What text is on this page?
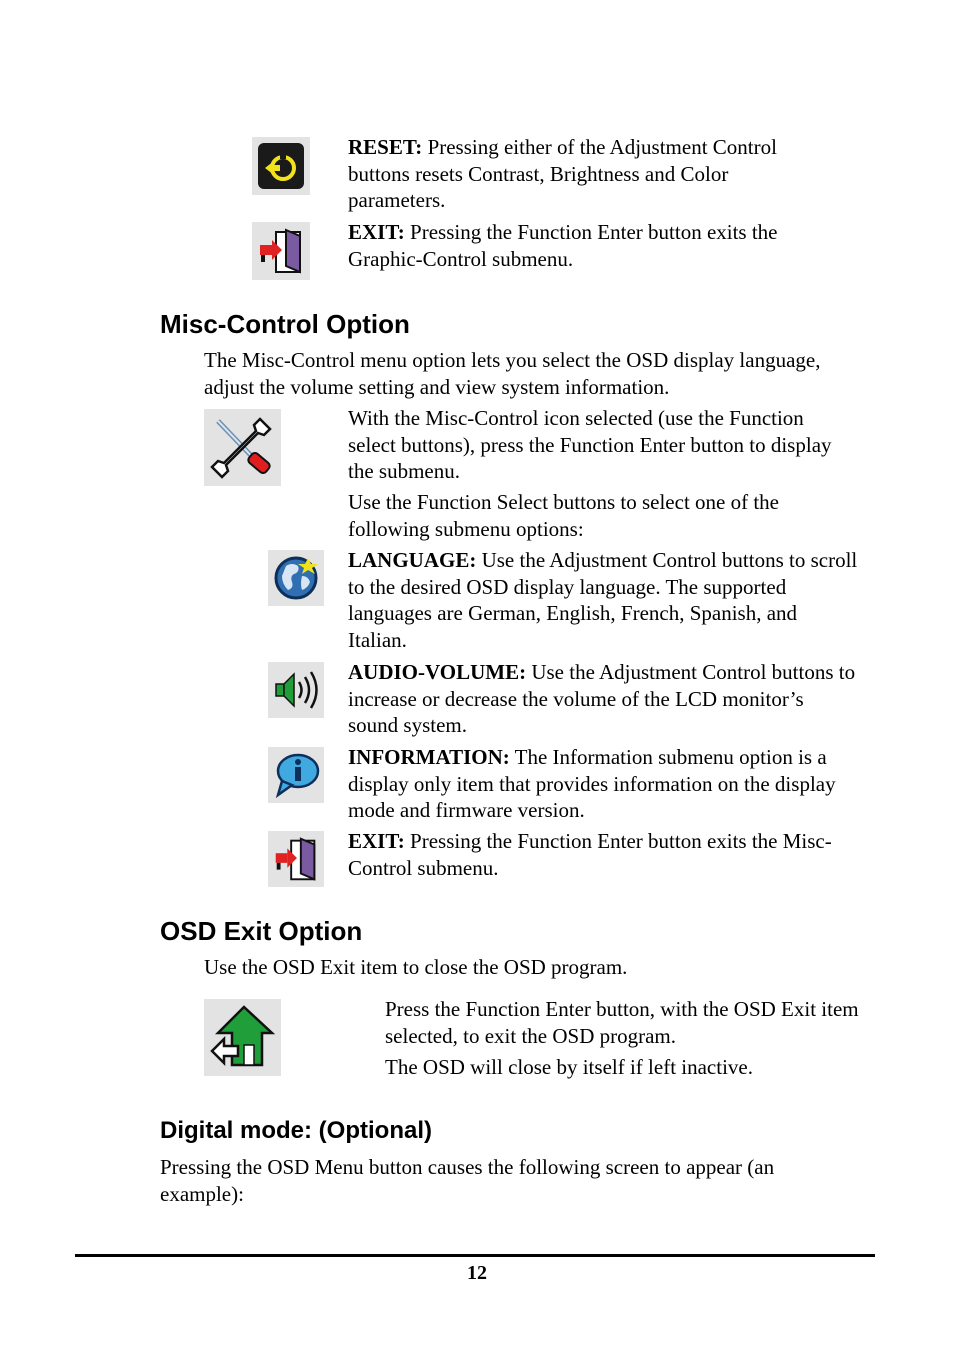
RESET: Pressing either of the Adjustment Control buttons resets Contrast, Brightness and Color parameters.

EXIT: Pressing the Function Enter button exits the Graphic-Control submenu.

Misc-Control Option

The Misc-Control menu option lets you select the OSD display language, adjust the volume setting and view system information.

With the Misc-Control icon selected (use the Function select buttons), press the Function Enter button to display the submenu.

Use the Function Select buttons to select one of the following submenu options:

LANGUAGE: Use the Adjustment Control buttons to scroll to the desired OSD display language. The supported languages are German, English, French, Spanish, and Italian.

AUDIO-VOLUME: Use the Adjustment Control buttons to increase or decrease the volume of the LCD monitor’s sound system.

INFORMATION: The Information submenu option is a display only item that provides information on the display mode and firmware version.

EXIT: Pressing the Function Enter button exits the Misc-Control submenu.

OSD Exit Option

Use the OSD Exit item to close the OSD program.

Press the Function Enter button, with the OSD Exit item selected, to exit the OSD program.

The OSD will close by itself if left inactive.

Digital mode: (Optional)

Pressing the OSD Menu button causes the following screen to appear (an example):

12
